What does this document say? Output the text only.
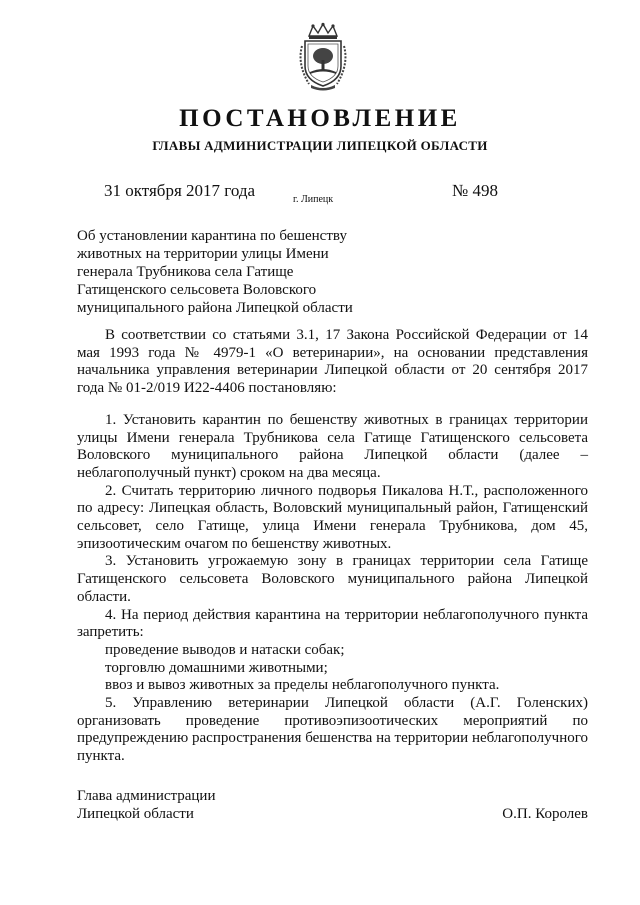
ПОСТАНОВЛЕНИЕ
ГЛАВЫ АДМИНИСТРАЦИИ ЛИПЕЦКОЙ ОБЛАСТИ
31 октября 2017 года	г. Липецк	№ 498
Об установлении карантина по бешенству
животных на территории улицы Имени
генерала Трубникова села Гатище
Гатищенского сельсовета Воловского
муниципального района Липецкой области

В соответствии со статьями 3.1, 17 Закона Российской Федерации от 14 мая 1993 года № 4979-1 «О ветеринарии», на основании представления начальника управления ветеринарии Липецкой области от 20 сентября 2017 года № 01-2/019 И22-4406 постановляю:

1. Установить карантин по бешенству животных в границах территории улицы Имени генерала Трубникова села Гатище Гатищенского сельсовета Воловского муниципального района Липецкой области (далее – неблагополучный пункт) сроком на два месяца.

2. Считать территорию личного подворья Пикалова Н.Т., расположенного по адресу: Липецкая область, Воловский муниципальный район, Гатищенский сельсовет, село Гатище, улица Имени генерала Трубникова, дом 45, эпизоотическим очагом по бешенству животных.

3. Установить угрожаемую зону в границах территории села Гатище Гатищенского сельсовета Воловского муниципального района Липецкой области.

4. На период действия карантина на территории неблагополучного пункта запретить:

проведение выводов и натаски собак;

торговлю домашними животными;

ввоз и вывоз животных за пределы неблагополучного пункта.

5. Управлению ветеринарии Липецкой области (А.Г. Голенских) организовать проведение противоэпизоотических мероприятий по предупреждению распространения бешенства на территории неблагополучного пункта.

Глава администрации
Липецкой области	О.П. Королев
